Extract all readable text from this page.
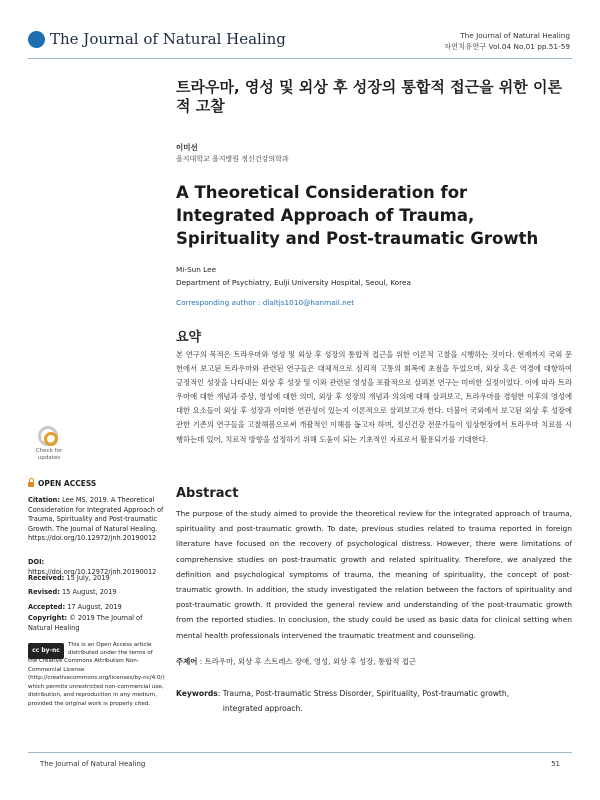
The Journal of Natural Healing	The Journal of Natural Healing
자연치유연구 Vol.04 No.01 pp.51-59
트라우마, 영성 및 외상 후 성장의 통합적 접근을 위한 이론적 고찰
이미선
을지대학교 을지병원 정신건강의학과
A Theoretical Consideration for Integrated Approach of Trauma, Spirituality and Post-traumatic Growth
Mi-Sun Lee
Department of Psychiatry, Eulji University Hospital, Seoul, Korea
Corresponding author : dlaltjs1010@hanmail.net
요약
본 연구의 목적은 트라우마와 영성 및 외상 후 성장의 통합적 접근을 위한 이론적 고찰을 시행하는 것이다. 현재까지 국외 문헌에서 보고된 트라우마와 관련된 연구들은 대체적으로 심리적 고통의 회복에 초점을 두었으며, 외상 혹은 역경에 대항하여 긍정적인 성장을 나타내는 외상 후 성장 및 이와 관련된 영성을 포괄적으로 살펴본 연구는 미비한 실정이었다. 이에 따라 트라우마에 대한 개념과 증상, 영성에 대한 의미, 외상 후 성장의 개념과 의의에 대해 살펴보고, 트라우마를 경험한 이후의 영성에 대한 요소들이 외상 후 성장과 어떠한 연관성이 있는지 이론적으로 살펴보고자 한다. 더불어 국외에서 보고된 외상 후 성장에 관한 기존의 연구들을 고찰해봄으로써 개괄적인 이해를 돕고자 하며, 정신건강 전문가들이 임상현장에서 트라우마 치료를 시행하는데 있어, 치료적 방향을 설정하기 위해 도움이 되는 기초적인 자료로서 활용되기를 기대한다.
Abstract
The purpose of the study aimed to provide the theoretical review for the integrated approach of trauma, spirituality and post-traumatic growth. To date, previous studies related to trauma reported in foreign literature have focused on the recovery of psychological distress. However, there were limitations of comprehensive studies on post-traumatic growth and related spirituality. Therefore, we analyzed the definition and psychological symptoms of trauma, the meaning of spirituality, the concept of post-traumatic growth. In addition, the study investigated the relation between the factors of spirituality and post-traumatic growth. It provided the general review and understanding of the post-traumatic growth from the reported studies. In conclusion, the study could be used as basic data for clinical setting when mental health professionals intervened the traumatic treatment and counseling.
주제어 : 트라우마, 외상 후 스트레스 장애, 영성, 외상 후 성장, 통합적 접근
Keywords: Trauma, Post-traumatic Stress Disorder, Spirituality, Post-traumatic growth, integrated approach.
Check for updates
OPEN ACCESS
Citation: Lee MS. 2019. A Theoretical Consideration for Integrated Approach of Trauma, Spirituality and Post-traumatic Growth. The Journal of Natural Healing. https://doi.org/10.12972/jnh.20190012
DOI: https://doi.org/10.12972/jnh.20190012
Received: 15 July, 2019
Revised: 15 August, 2019
Accepted: 17 August, 2019
Copyright: © 2019 The Journal of Natural Healing
cc by-nc
This is an Open Access article distributed under the terms of
the Creative Commons Attribution Non-Commercial License (http://creativecommons.org/licenses/by-nc/4.0/) which permits unrestricted non-commercial use, distribution, and reproduction in any medium, provided the original work is properly cited.
The Journal of Natural Healing	51
